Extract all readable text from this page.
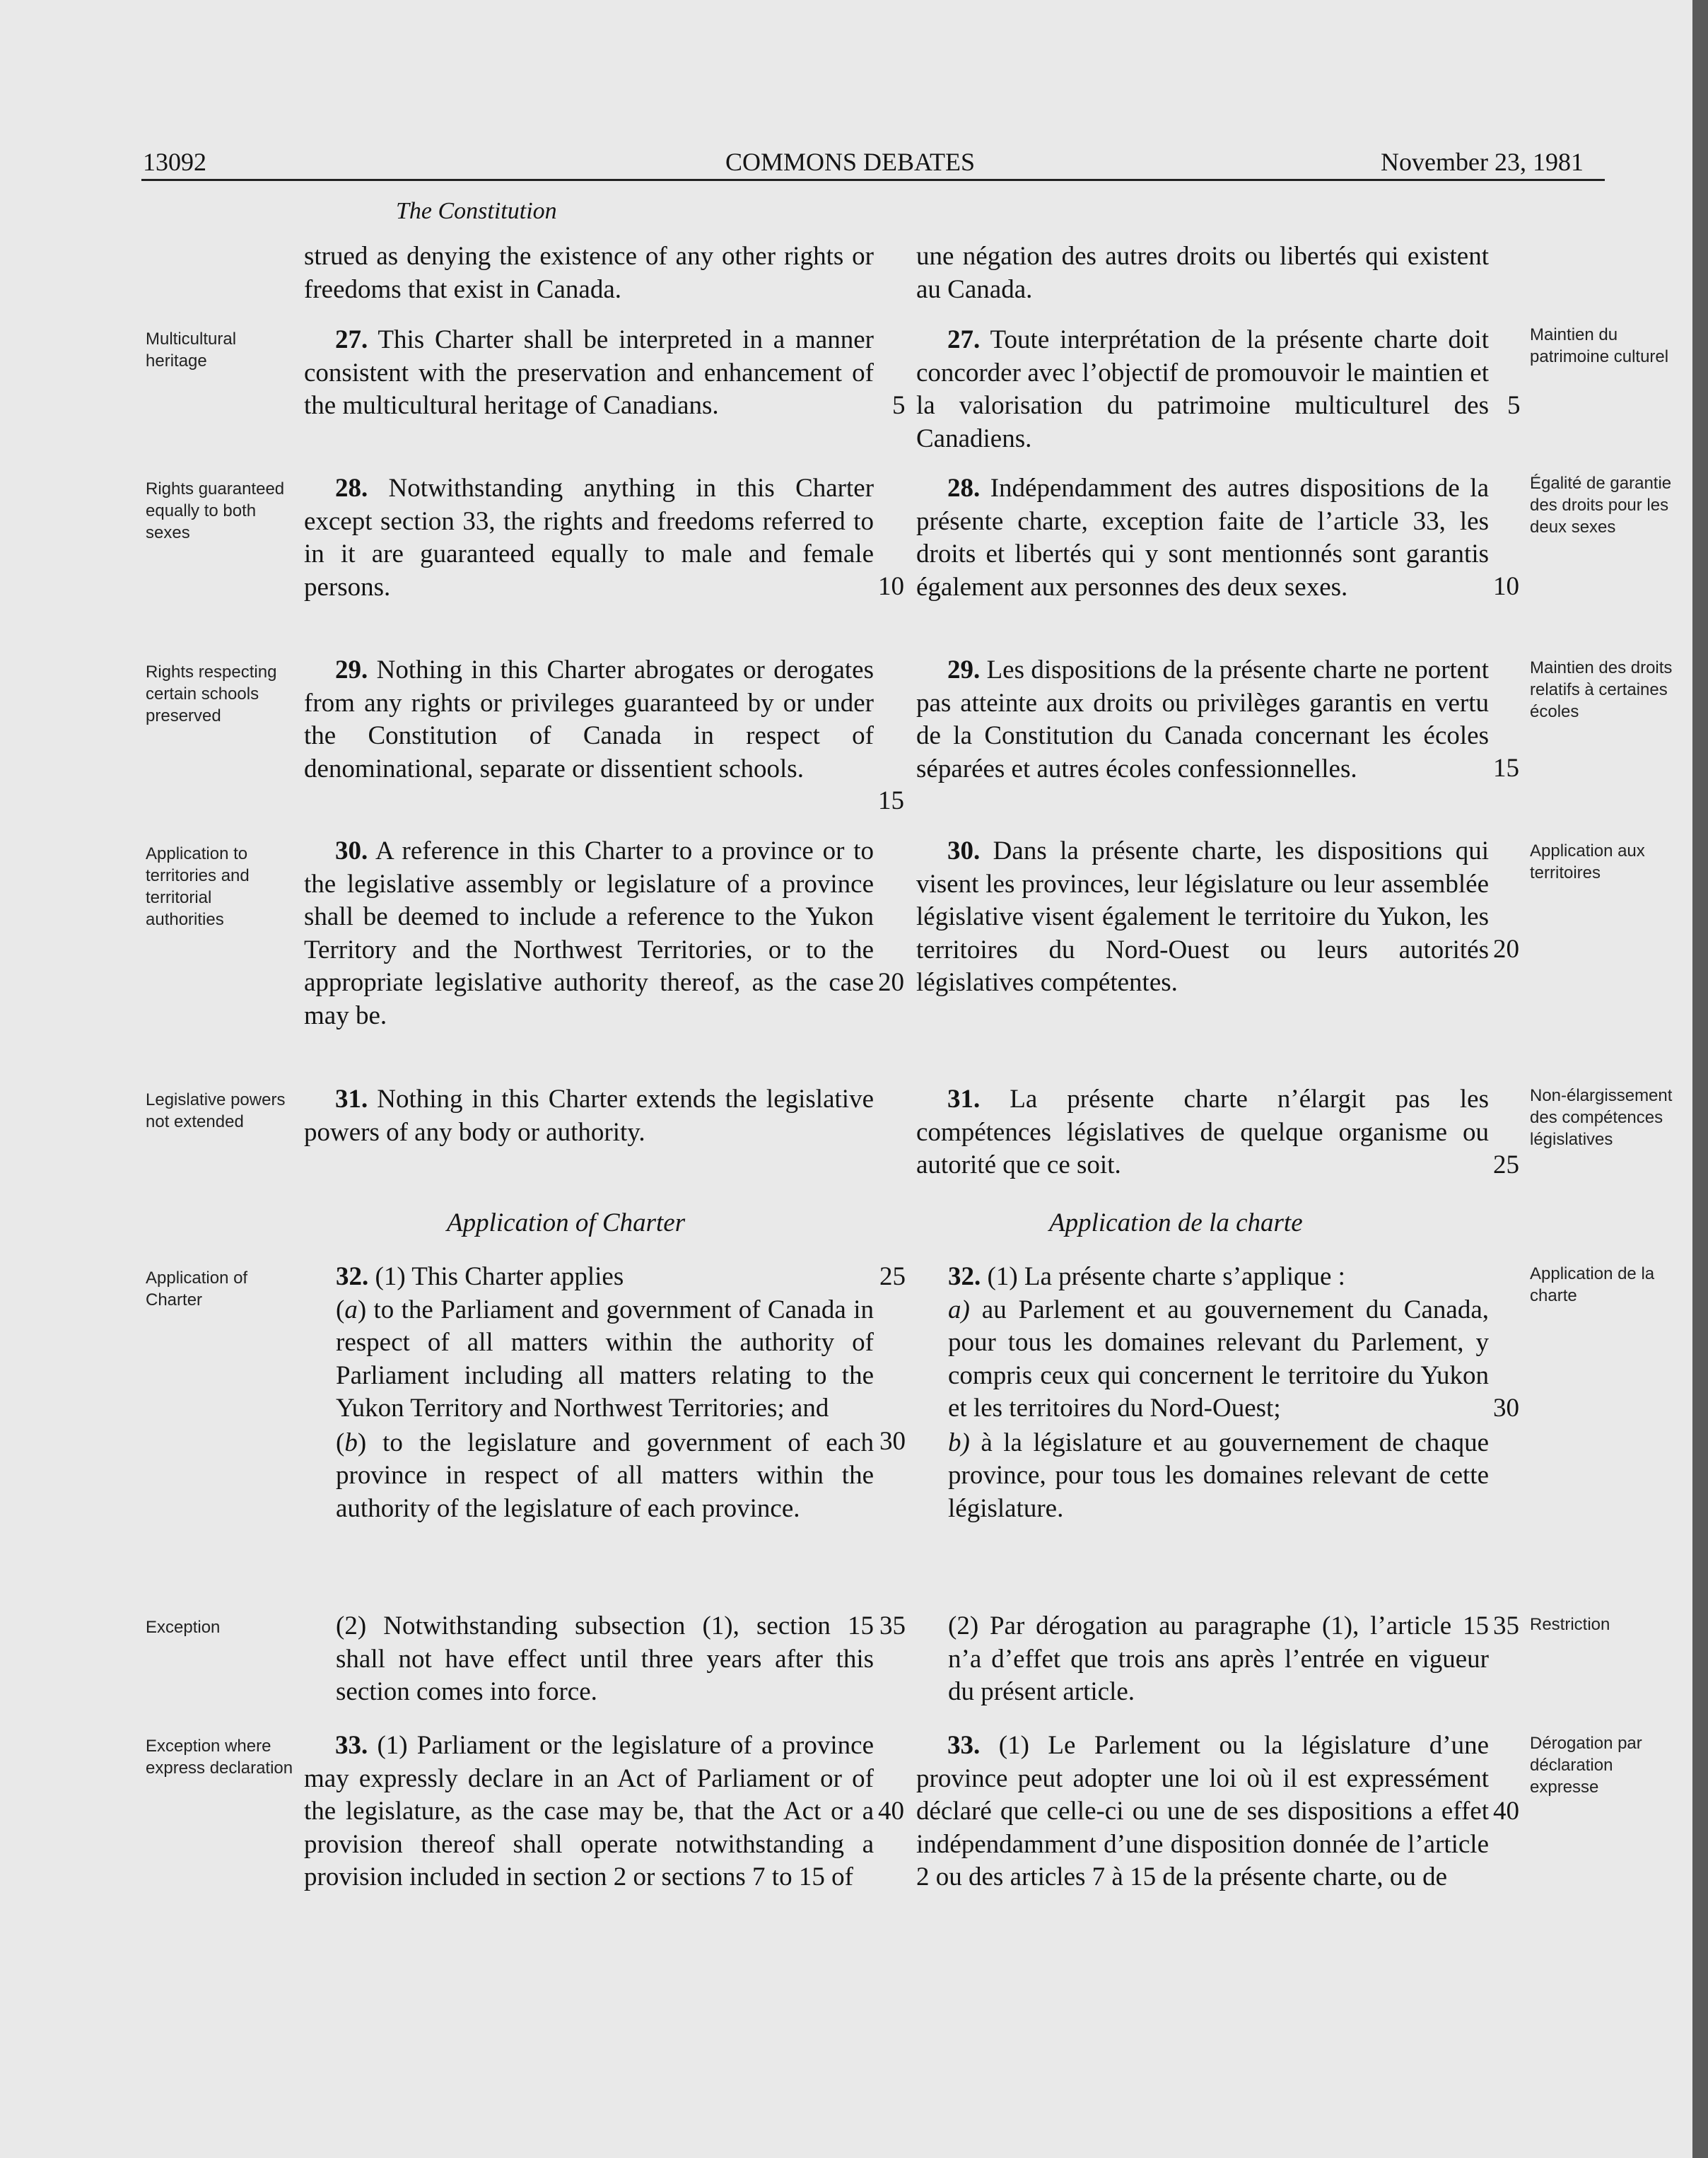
13092	COMMONS DEBATES	November 23, 1981
The Constitution
strued as denying the existence of any other rights or freedoms that exist in Canada.
une négation des autres droits ou libertés qui existent au Canada.
Multicultural heritage
27. This Charter shall be interpreted in a manner consistent with the preservation and enhancement of the multicultural heritage of Canadians.
27. Toute interprétation de la présente charte doit concorder avec l’objectif de promouvoir le maintien et la valorisation du patrimoine multiculturel des Canadiens.
Maintien du patrimoine culturel
Rights guaranteed equally to both sexes
28. Notwithstanding anything in this Charter except section 33, the rights and freedoms referred to in it are guaranteed equally to male and female persons.
28. Indépendamment des autres dispositions de la présente charte, exception faite de l’article 33, les droits et libertés qui y sont mentionnés sont garantis également aux personnes des deux sexes.
Égalité de garantie des droits pour les deux sexes
Rights respecting certain schools preserved
29. Nothing in this Charter abrogates or derogates from any rights or privileges guaranteed by or under the Constitution of Canada in respect of denominational, separate or dissentient schools.
29. Les dispositions de la présente charte ne portent pas atteinte aux droits ou privilèges garantis en vertu de la Constitution du Canada concernant les écoles séparées et autres écoles confessionnelles.
Maintien des droits relatifs à certaines écoles
Application to territories and territorial authorities
30. A reference in this Charter to a province or to the legislative assembly or legislature of a province shall be deemed to include a reference to the Yukon Territory and the Northwest Territories, or to the appropriate legislative authority thereof, as the case may be.
30. Dans la présente charte, les dispositions qui visent les provinces, leur législature ou leur assemblée législative visent également le territoire du Yukon, les territoires du Nord-Ouest ou leurs autorités législatives compétentes.
Application aux territoires
Legislative powers not extended
31. Nothing in this Charter extends the legislative powers of any body or authority.
31. La présente charte n’élargit pas les compétences législatives de quelque organisme ou autorité que ce soit.
Non-élargissement des compétences législatives
Application of Charter	Application de la charte
Application of Charter

32. (1) This Charter applies

(a) to the Parliament and government of Canada in respect of all matters within the authority of Parliament including all matters relating to the Yukon Territory and Northwest Territories; and

(b) to the legislature and government of each province in respect of all matters within the authority of the legislature of each province.

32. (1) La présente charte s’applique :

a) au Parlement et au gouvernement du Canada, pour tous les domaines relevant du Parlement, y compris ceux qui concernent le territoire du Yukon et les territoires du Nord-Ouest;

b) à la législature et au gouvernement de chaque province, pour tous les domaines relevant de cette législature.

Application de la charte
Exception	(2) Notwithstanding subsection (1), section 15 shall not have effect until three years after this section comes into force.
(2) Par dérogation au paragraphe (1), l’article 15 n’a d’effet que trois ans après l’entrée en vigueur du présent article.
Restriction
Exception where express declaration
33. (1) Parliament or the legislature of a province may expressly declare in an Act of Parliament or of the legislature, as the case may be, that the Act or a provision thereof shall operate notwithstanding a provision included in section 2 or sections 7 to 15 of
33. (1) Le Parlement ou la législature d’une province peut adopter une loi où il est expressément déclaré que celle-ci ou une de ses dispositions a effet indépendamment d’une disposition donnée de l’article 2 ou des articles 7 à 15 de la présente charte, ou de
Dérogation par déclaration expresse
5
10
15
20
25
30
35
40
5
10
15
20
25
30
35
40
